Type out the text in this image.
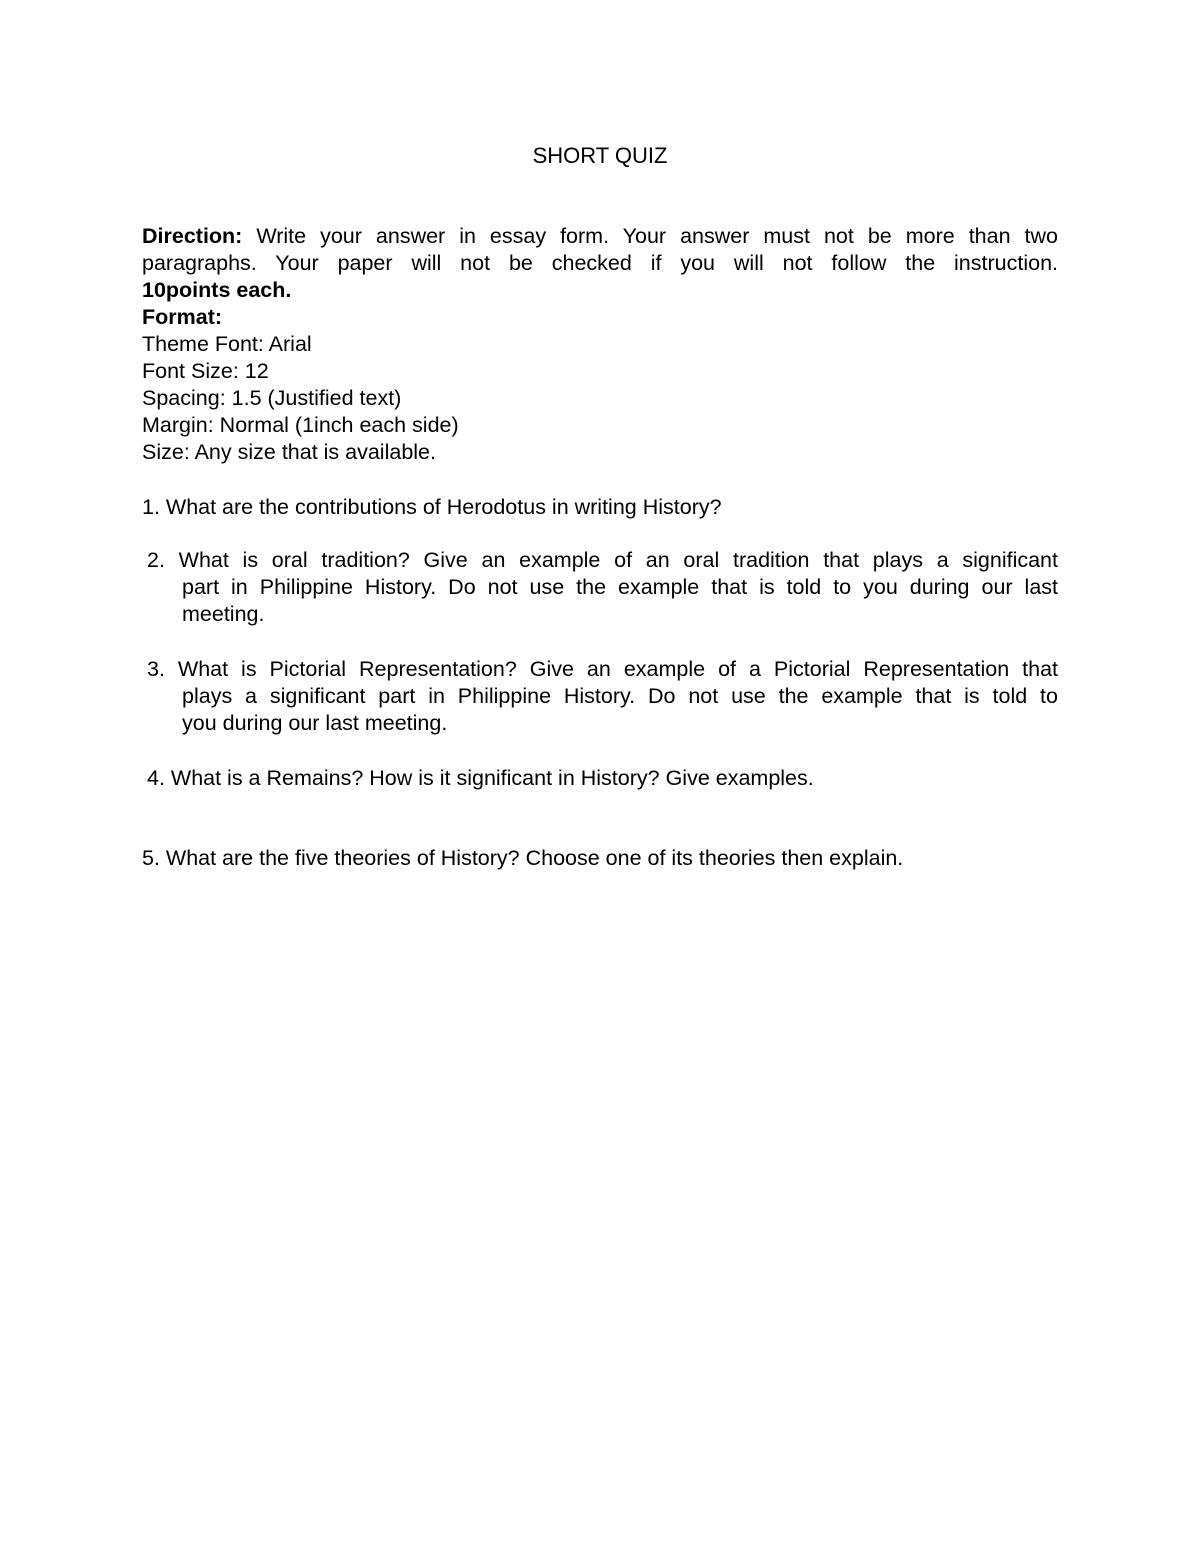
SHORT QUIZ
Direction: Write your answer in essay form. Your answer must not be more than two
paragraphs. Your paper will not be checked if you will not follow the instruction.
10points each.
Format:
Theme Font: Arial
Font Size: 12
Spacing: 1.5 (Justified text)
Margin: Normal (1inch each side)
Size: Any size that is available.
1. What are the contributions of Herodotus in writing History?
2. What is oral tradition? Give an example of an oral tradition that plays a significant
part in Philippine History. Do not use the example that is told to you during our last
meeting.
3. What is Pictorial Representation? Give an example of a Pictorial Representation that
plays a significant part in Philippine History. Do not use the example that is told to
you during our last meeting.
4. What is a Remains? How is it significant in History? Give examples.
5. What are the five theories of History? Choose one of its theories then explain.
